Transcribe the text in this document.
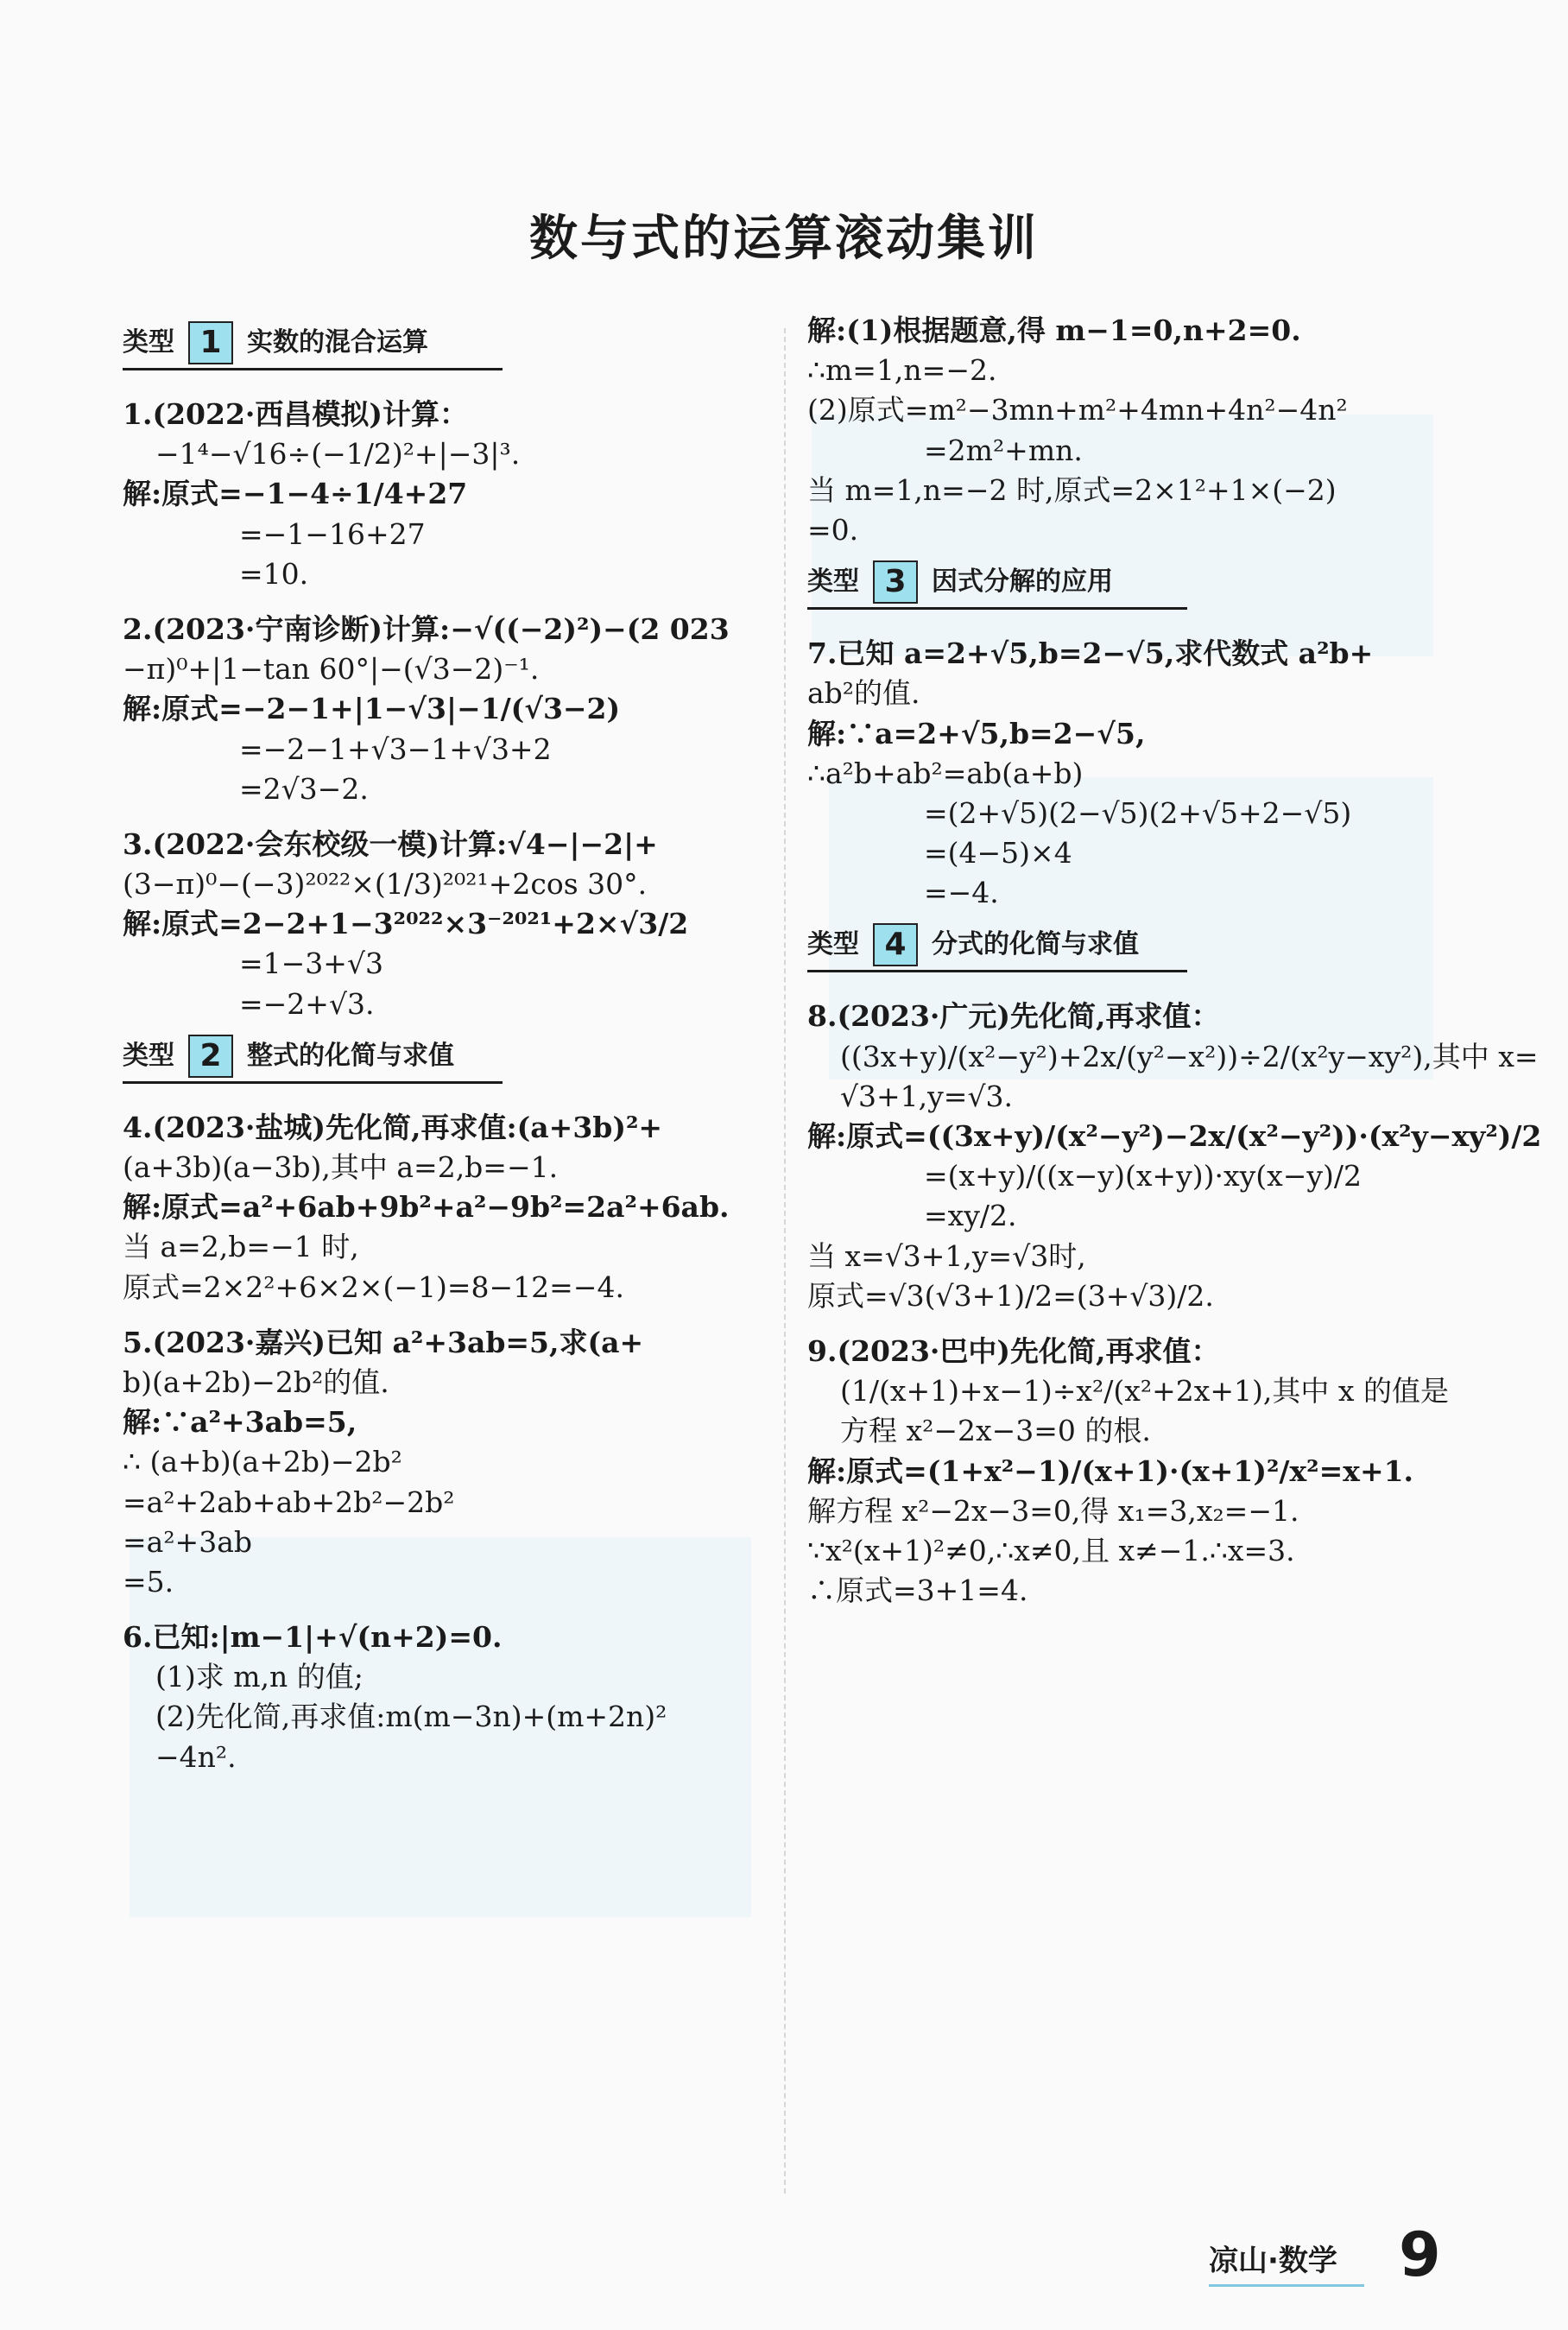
数与式的运算滚动集训
类型 1 实数的混合运算
1.(2022·西昌模拟)计算：
−1⁴−√16÷(−1/2)²+|−3|³.
解:原式=−1−4÷1/4+27
=−1−16+27
=10.
2.(2023·宁南诊断)计算:−√((−2)²)−(2 023
−π)⁰+|1−tan 60°|−(√3−2)⁻¹.
解:原式=−2−1+|1−√3|−1/(√3−2)
=−2−1+√3−1+√3+2
=2√3−2.
3.(2022·会东校级一模)计算:√4−|−2|+
(3−π)⁰−(−3)²⁰²²×(1/3)²⁰²¹+2cos 30°.
解:原式=2−2+1−3²⁰²²×3⁻²⁰²¹+2×√3/2
=1−3+√3
=−2+√3.
类型 2 整式的化简与求值
4.(2023·盐城)先化简,再求值:(a+3b)²+
(a+3b)(a−3b),其中 a=2,b=−1.
解:原式=a²+6ab+9b²+a²−9b²=2a²+6ab.
当 a=2,b=−1 时,
原式=2×2²+6×2×(−1)=8−12=−4.
5.(2023·嘉兴)已知 a²+3ab=5,求(a+
b)(a+2b)−2b²的值.
解:∵a²+3ab=5,
∴ (a+b)(a+2b)−2b²
=a²+2ab+ab+2b²−2b²
=a²+3ab
=5.
6.已知:|m−1|+√(n+2)=0.
(1)求 m,n 的值;
(2)先化简,再求值:m(m−3n)+(m+2n)²
−4n².
解:(1)根据题意,得 m−1=0,n+2=0.
∴m=1,n=−2.
(2)原式=m²−3mn+m²+4mn+4n²−4n²
=2m²+mn.
当 m=1,n=−2 时,原式=2×1²+1×(−2)
=0.
类型 3 因式分解的应用
7.已知 a=2+√5,b=2−√5,求代数式 a²b+
ab²的值.
解:∵a=2+√5,b=2−√5,
∴a²b+ab²=ab(a+b)
=(2+√5)(2−√5)(2+√5+2−√5)
=(4−5)×4
=−4.
类型 4 分式的化简与求值
8.(2023·广元)先化简,再求值：
((3x+y)/(x²−y²)+2x/(y²−x²))÷2/(x²y−xy²),其中 x=
√3+1,y=√3.
解:原式=((3x+y)/(x²−y²)−2x/(x²−y²))·(x²y−xy²)/2
=(x+y)/((x−y)(x+y))·xy(x−y)/2
=xy/2.
当 x=√3+1,y=√3时,
原式=√3(√3+1)/2=(3+√3)/2.
9.(2023·巴中)先化简,再求值：
(1/(x+1)+x−1)÷x²/(x²+2x+1),其中 x 的值是
方程 x²−2x−3=0 的根.
解:原式=(1+x²−1)/(x+1)·(x+1)²/x²=x+1.
解方程 x²−2x−3=0,得 x₁=3,x₂=−1.
∵x²(x+1)²≠0,∴x≠0,且 x≠−1.∴x=3.
∴原式=3+1=4.
凉山·数学 9
